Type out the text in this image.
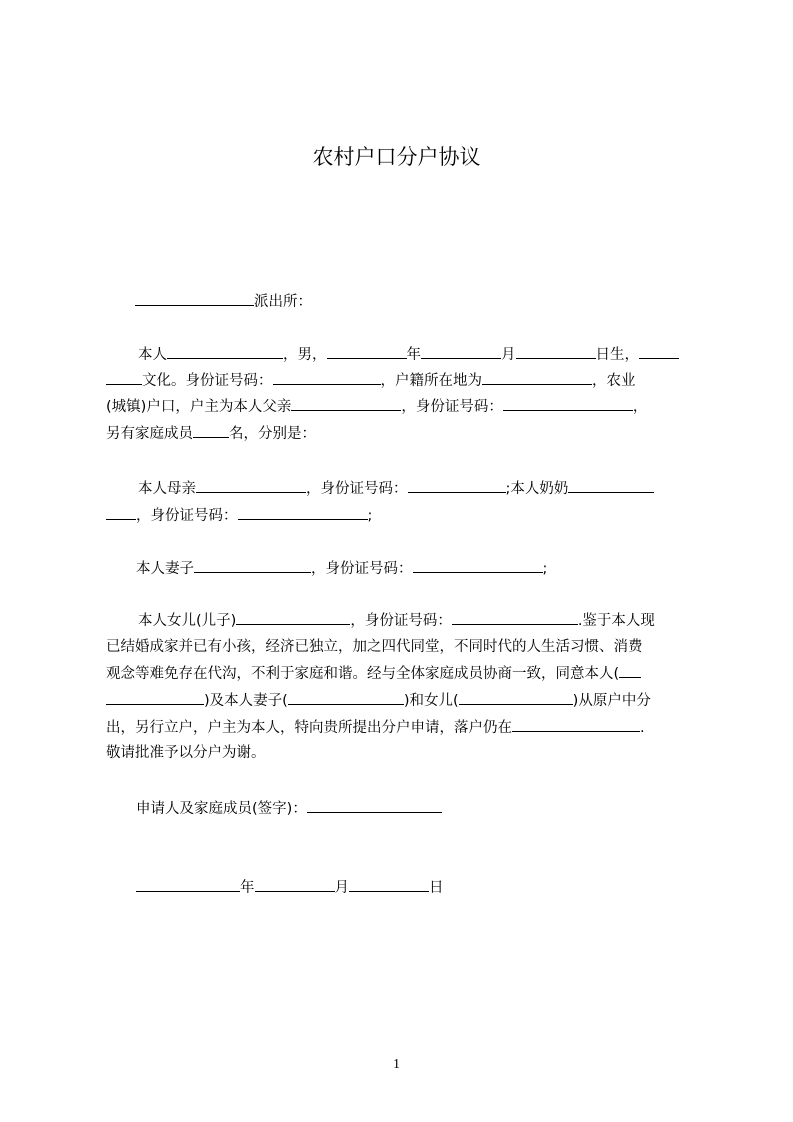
农村户口分户协议
派出所：
本人	，男，	年	月	日生，
文化。身份证号码：	，户籍所在地为	，农业
(城镇)户口，户主为本人父亲	，身份证号码：	，
另有家庭成员 名，分别是：
本人母亲	，身份证号码：	;本人奶奶
，身份证号码：	;
本人妻子	，身份证号码：	;
本人女儿(儿子)	，身份证号码：	.鉴于本人现
已结婚成家并已有小孩，经济已独立，加之四代同堂，不同时代的人生活习惯、消费
观念等难免存在代沟，不利于家庭和谐。经与全体家庭成员协商一致，同意本人(
)及本人妻子(	)和女儿(	)从原户中分
出，另行立户，户主为本人，特向贵所提出分户申请，落户仍在	.
敬请批准予以分户为谢。
申请人及家庭成员(签字)：
年	月	日
1
